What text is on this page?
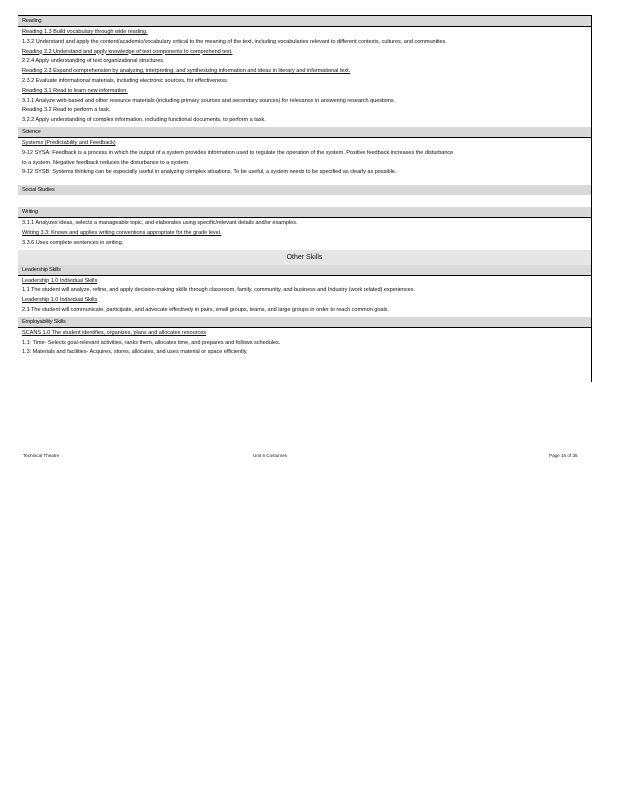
Reading
Reading 1.3 Build vocabulary through wide reading.
1.3.2 Understand and apply the content/academic/vocabulary critical to the meaning of the text, including vocabularies relevant to different contexts, cultures, and communities.
Reading 2.2 Understand and apply knowledge of text components to comprehend text.
2.2.4 Apply understanding of text organizational structures.
Reading 2.3 Expand comprehension by analyzing, interpreting, and synthesizing information and ideas in literary and informational text.
2.3.2 Evaluate informational materials, including electronic sources, for effectiveness.
Reading 3.1 Read to learn new information.
3.1.1 Analyze web-based and other resource materials (including primary sources and secondary sources) for relevance in answering research questions.
Reading 3.2 Read to perform a task.
3.2.2 Apply understanding of complex information, including functional documents, to perform a task.
Science
Systems (Predictability and Feedback)
9-12 SYSA: Feedback is a process in which the output of a system provides information used to regulate the operation of the system. Positive feedback increases the disturbance
to a system. Negative feedback reduces the disturbance to a system.
9-12 SYSB: Systems thinking can be especially useful in analyzing complex situations. To be useful, a system needs to be specified as clearly as possible.
Social Studies
Writing
3.1.1 Analyzes ideas, selects a manageable topic, and elaborates using specific/relevant details and/or examples.
Writing 3.3: Knows and applies writing conventions appropriate for the grade level.
3.3.6 Uses complete sentences in writing.
Other Skills
Leadership Skills
Leadership 1.0 Individual Skills
1.1 The student will analyze, refine, and apply decision-making skills through classroom, family, community, and business and Industry (work related) experiences.
Leadership 1.0 Individual Skills
2.1 The student will communicate, participate, and advocate effectively in pairs, small groups, teams, and large groups in order to reach common goals.
Employability Skills
SCANS 1.0 The student identifies, organizes, plans and allocates resources
1.1: Time- Selects goal-relevant activities, ranks them, allocates time, and prepares and follows schedules.
1.3: Materials and facilities- Acquires, stores, allocates, and uses material or space efficiently.
Technical Theatre	Unit 6 Costumes	Page 16 of 35
